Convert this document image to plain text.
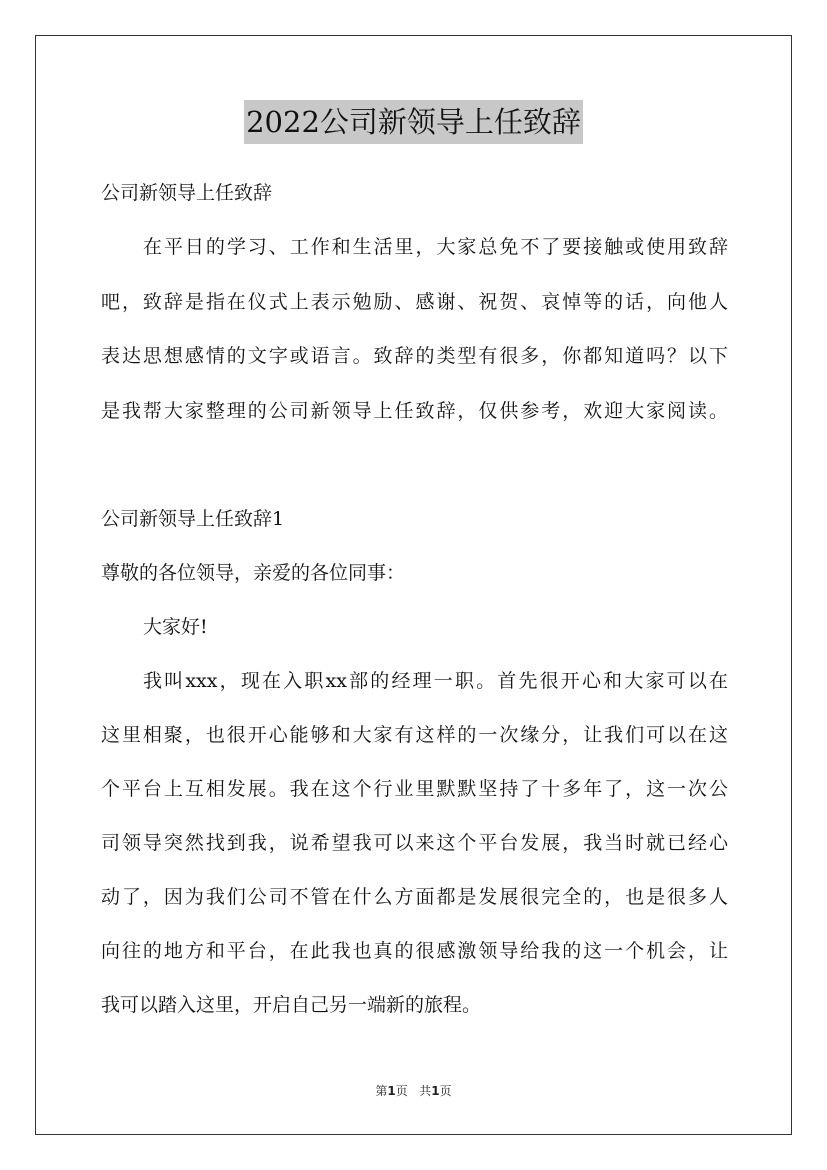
2022公司新领导上任致辞
公司新领导上任致辞
在平日的学习、工作和生活里，大家总免不了要接触或使用致辞
吧，致辞是指在仪式上表示勉励、感谢、祝贺、哀悼等的话，向他人
表达思想感情的文字或语言。致辞的类型有很多，你都知道吗？以下
是我帮大家整理的公司新领导上任致辞，仅供参考，欢迎大家阅读。
公司新领导上任致辞1
尊敬的各位领导，亲爱的各位同事：
大家好!
我叫xxx，现在入职xx部的经理一职。首先很开心和大家可以在
这里相聚，也很开心能够和大家有这样的一次缘分，让我们可以在这
个平台上互相发展。我在这个行业里默默坚持了十多年了，这一次公
司领导突然找到我，说希望我可以来这个平台发展，我当时就已经心
动了，因为我们公司不管在什么方面都是发展很完全的，也是很多人
向往的地方和平台，在此我也真的很感激领导给我的这一个机会，让
我可以踏入这里，开启自己另一端新的旅程。
第1页 共1页
